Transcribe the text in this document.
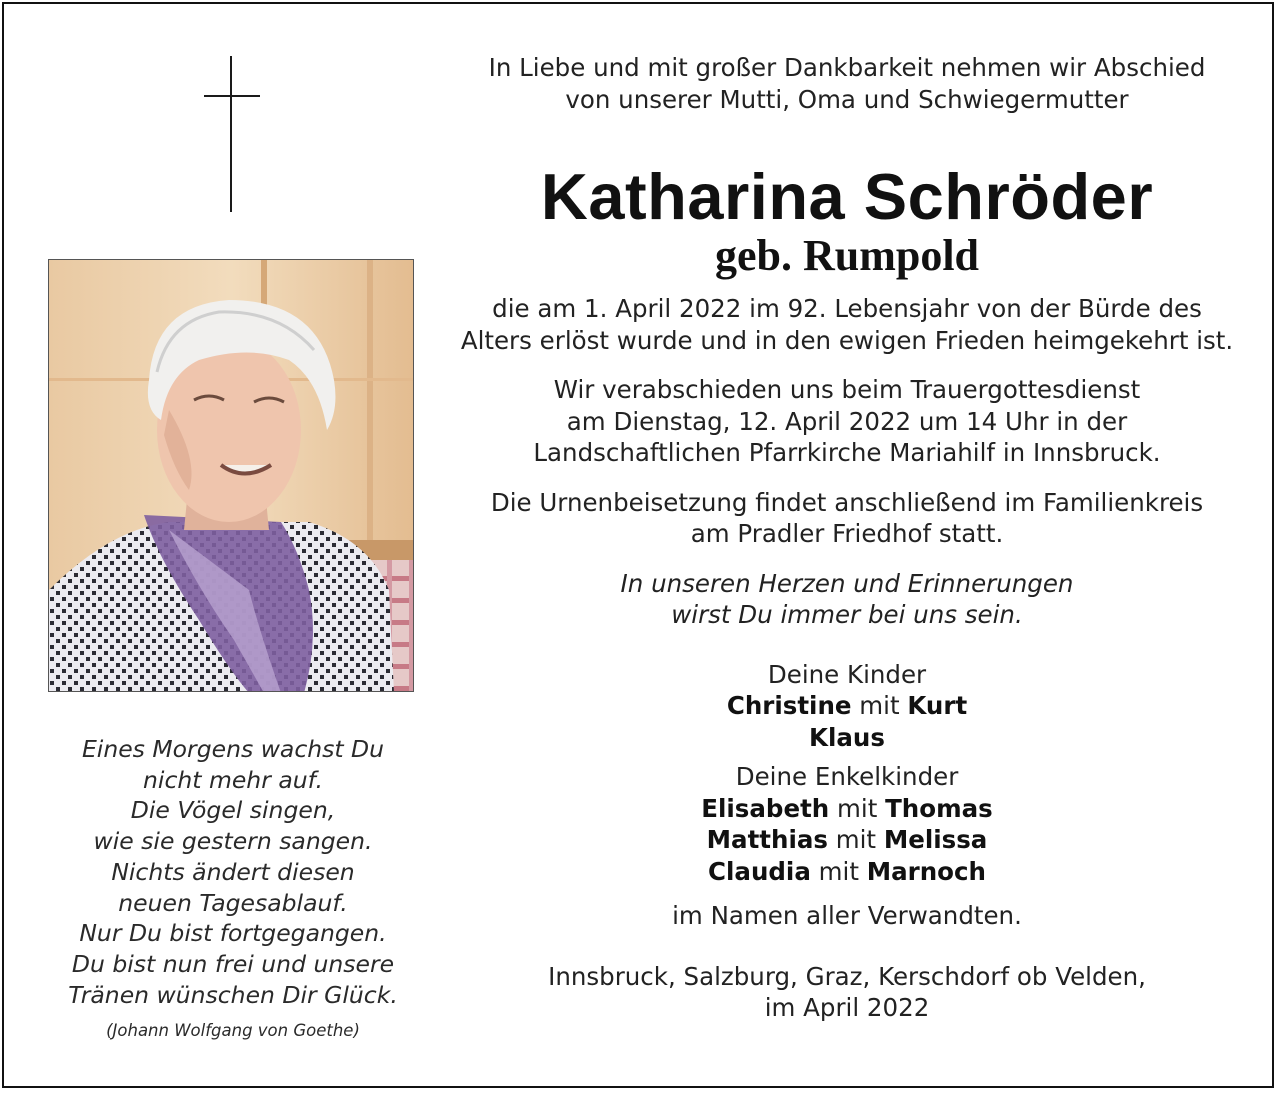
Eines Morgens wachst Du
nicht mehr auf.
Die Vögel singen,
wie sie gestern sangen.
Nichts ändert diesen
neuen Tagesablauf.
Nur Du bist fortgegangen.
Du bist nun frei und unsere
Tränen wünschen Dir Glück.
(Johann Wolfgang von Goethe)
In Liebe und mit großer Dankbarkeit nehmen wir Abschied
von unserer Mutti, Oma und Schwiegermutter
Katharina Schröder
geb. Rumpold
die am 1. April 2022 im 92. Lebensjahr von der Bürde des
Alters erlöst wurde und in den ewigen Frieden heimgekehrt ist.
Wir verabschieden uns beim Trauergottesdienst
am Dienstag, 12. April 2022 um 14 Uhr in der
Landschaftlichen Pfarrkirche Mariahilf in Innsbruck.
Die Urnenbeisetzung findet anschließend im Familienkreis
am Pradler Friedhof statt.
In unseren Herzen und Erinnerungen
wirst Du immer bei uns sein.
Deine Kinder
Christine mit Kurt
Klaus
Deine Enkelkinder
Elisabeth mit Thomas
Matthias mit Melissa
Claudia mit Marnoch
im Namen aller Verwandten.
Innsbruck, Salzburg, Graz, Kerschdorf ob Velden,
im April 2022
